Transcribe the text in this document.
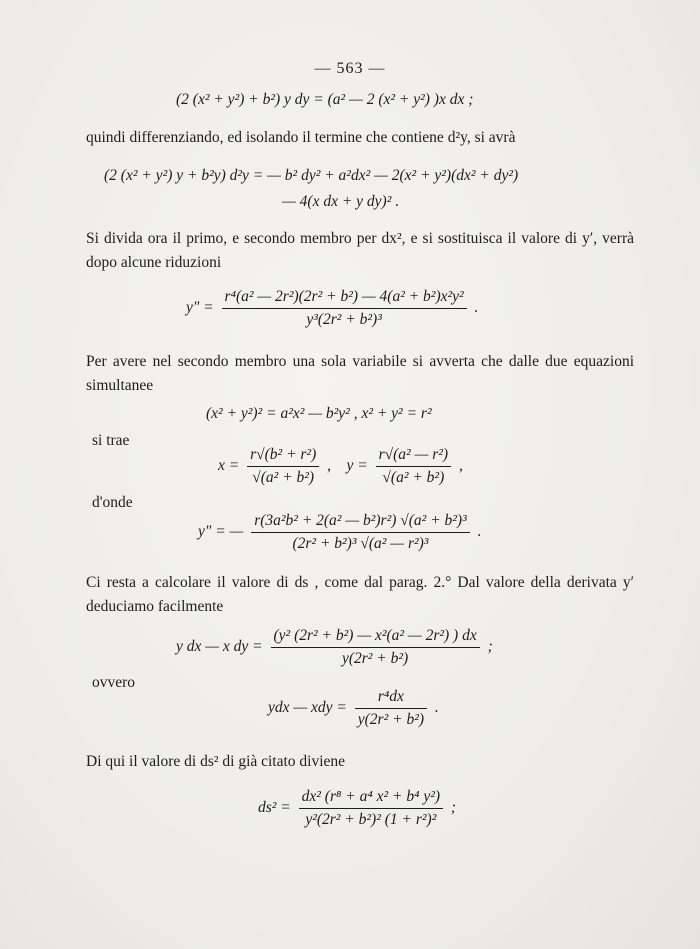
— 563 —
(2 (x² + y²) + b²) y dy = (a² — 2 (x² + y²) )x dx ;
quindi differenziando, ed isolando il termine che contiene d²y, si avrà
(2 (x² + y²) y + b²y) d²y = — b² dy² + a²dx² — 2(x² + y²)(dx² + dy²)
— 4(x dx + y dy)² .
Si divida ora il primo, e secondo membro per dx², e si sostituisca il valore di y′, verrà dopo alcune riduzioni
$y'' = \frac{\text{r⁴(a² — 2r²)(2r² + b²) — 4(a² + b²)x²y²}}{\text{y³(2r² + b²)³}}$ .
Per avere nel secondo membro una sola variabile si avverta che dalle due equazioni simultanee
(x² + y²)² = a²x² — b²y² , x² + y² = r²
si trae
$x = \frac{\text{r√(b² + r²)}}{\text{√(a² + b²)}}$ , $y = \frac{\text{r√(a² — r²)}}{\text{√(a² + b²)}}$ ,
d'onde
y″ = — $\frac{\text{r(3a²b² + 2(a² — b²)r²) √(a² + b²)³}}{\text{(2r² + b²)³ √(a² — r²)³}}$ .
Ci resta a calcolare il valore di ds , come dal parag. 2.° Dal valore della derivata y′ deduciamo facilmente
y dx — x dy = $\frac{\text{(y² (2r² + b²) — x²(a² — 2r²) ) dx}}{\text{y(2r² + b²)}}$ ;
ovvero
ydx — xdy = $\frac{\text{r⁴dx}}{\text{y(2r² + b²)}}$ .
Di qui il valore di ds² di già citato diviene
$ds^2 = \frac{\text{dx² (r⁸ + a⁴ x² + b⁴ y²)}}{\text{y²(2r² + b²)² (1 + r²)²}}$ ;
